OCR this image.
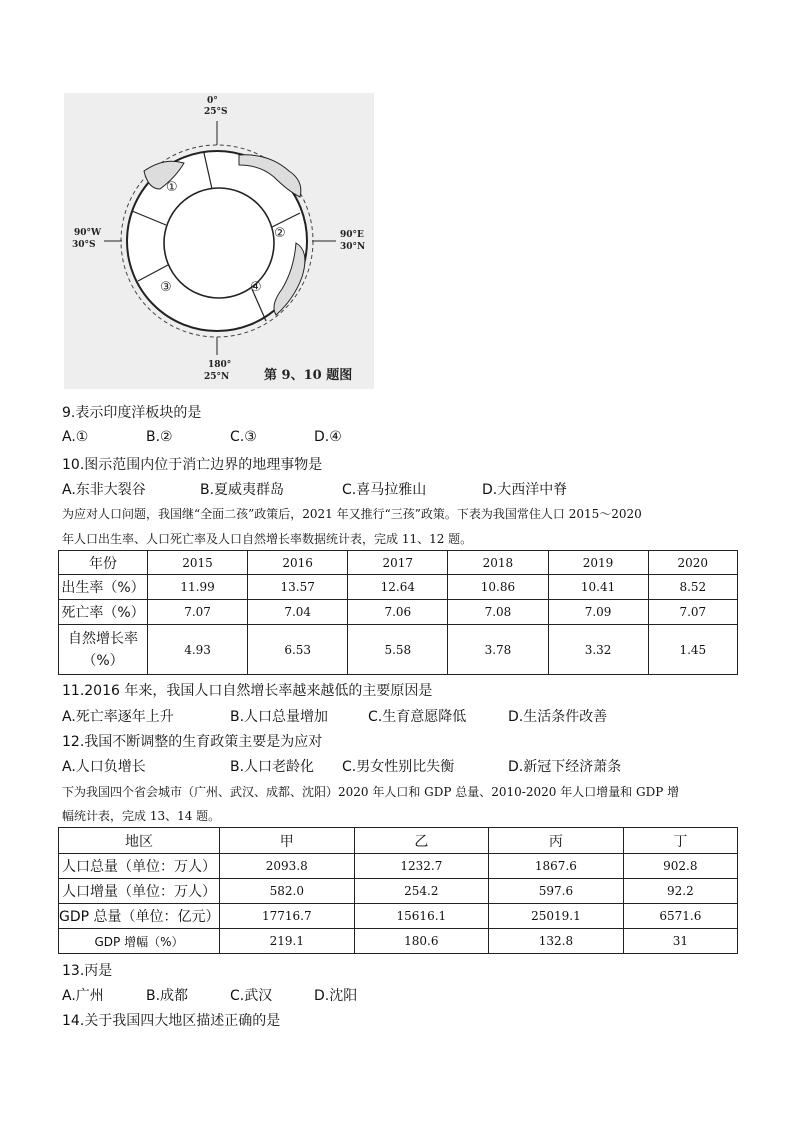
0°
25°S
90°W
30°S
90°E
30°N
180°
25°N
①
②
③	④
第 9、10 题图
9.表示印度洋板块的是
A.①	B.②	C.③	D.④
10.图示范围内位于消亡边界的地理事物是
A.东非大裂谷	B.夏威夷群岛	C.喜马拉雅山	D.大西洋中脊
为应对人口问题，我国继“全面二孩”政策后，2021 年又推行“三孩”政策。下表为我国常住人口 2015～2020
年人口出生率、人口死亡率及人口自然增长率数据统计表，完成 11、12 题。
年份	2015	2016	2017	2018	2019	2020
出生率（%）	11.99	13.57	12.64	10.86	10.41	8.52
死亡率（%）	7.07	7.04	7.06	7.08	7.09	7.07

自然增长率
（%）	4.93	6.53	5.58	3.78	3.32	1.45
11.2016 年来，我国人口自然增长率越来越低的主要原因是
A.死亡率逐年上升	B.人口总量增加	C.生育意愿降低	D.生活条件改善
12.我国不断调整的生育政策主要是为应对
A.人口负增长	B.人口老龄化 C.男女性别比失衡	D.新冠下经济萧条
下为我国四个省会城市（广州、武汉、成都、沈阳）2020 年人口和 GDP 总量、2010-2020 年人口增量和 GDP 增
幅统计表，完成 13、14 题。
地区	甲	乙	丙	丁
人口总量（单位：万人）	2093.8	1232.7	1867.6	902.8
人口增量（单位：万人）	582.0	254.2	597.6	92.2
GDP 总量（单位：亿元）	17716.7	15616.1	25019.1	6571.6
GDP 增幅（%）	219.1	180.6	132.8	31
13.丙是
A.广州	B.成都	C.武汉	D.沈阳
14.关于我国四大地区描述正确的是
